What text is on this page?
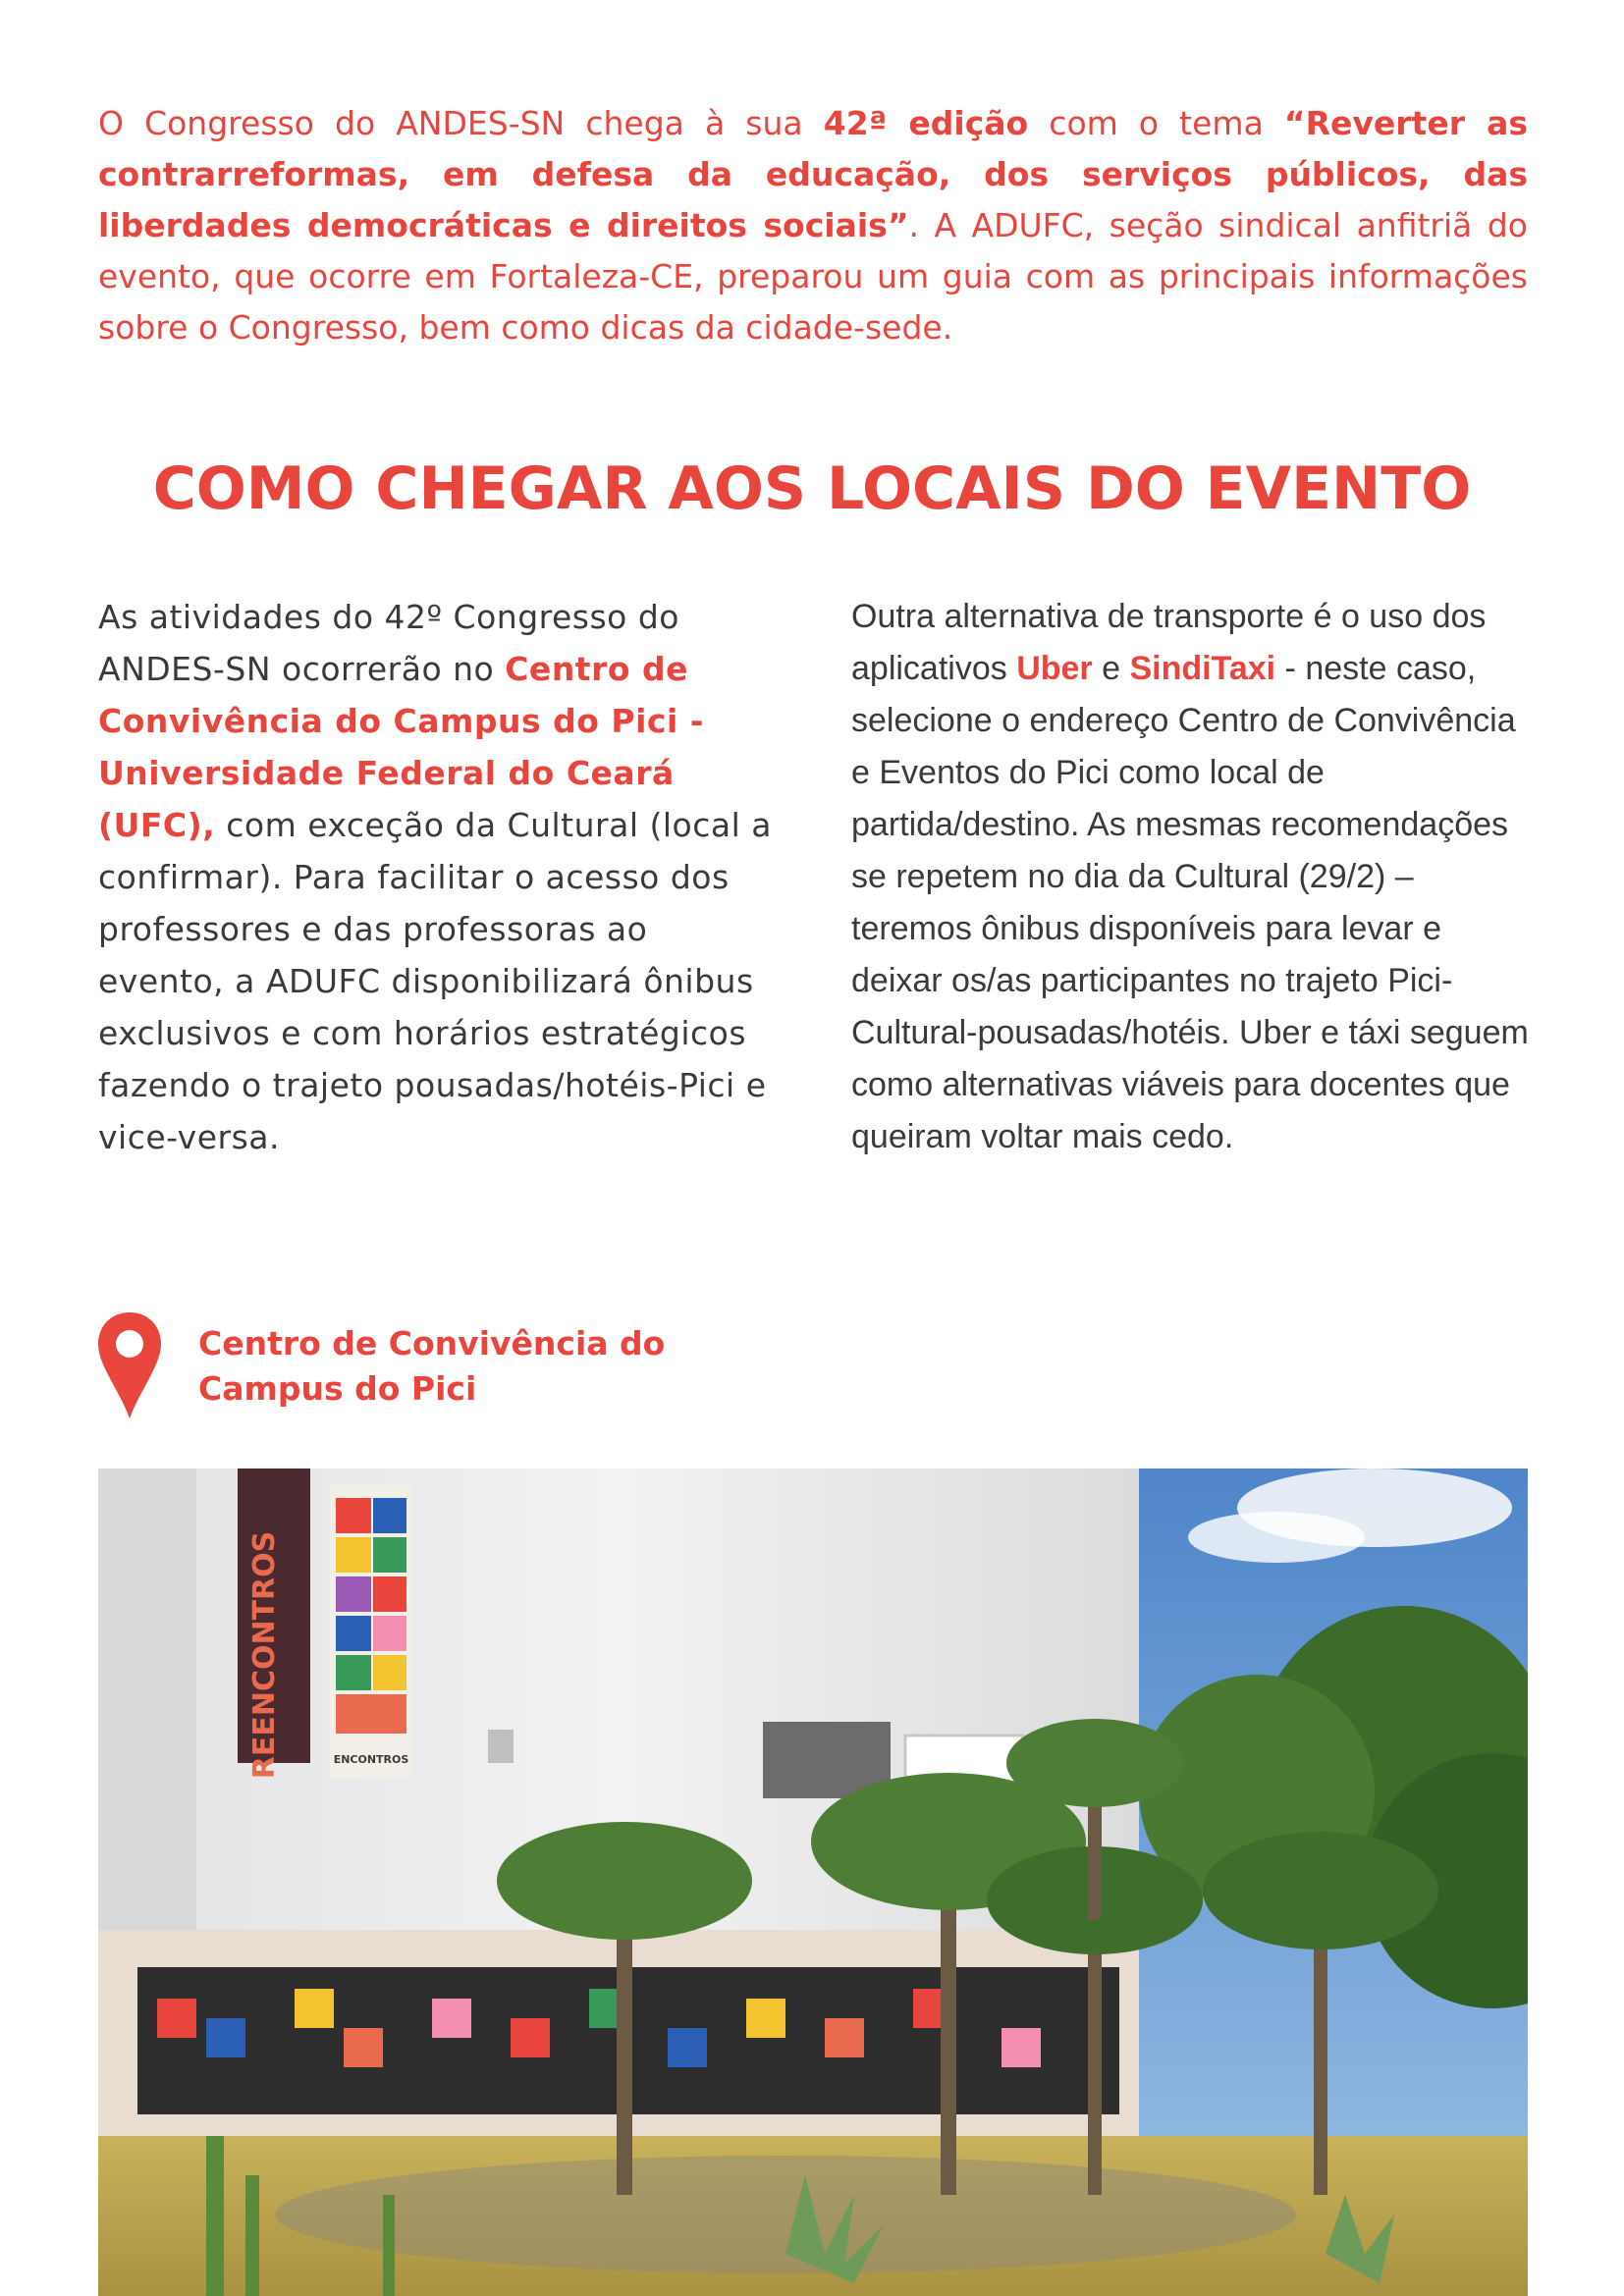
O Congresso do ANDES-SN chega à sua 42ª edição com o tema “Reverter as contrarreformas, em defesa da educação, dos serviços públicos, das liberdades democráticas e direitos sociais”. A ADUFC, seção sindical anfitriã do evento, que ocorre em Fortaleza-CE, preparou um guia com as principais informações sobre o Congresso, bem como dicas da cidade-sede.

COMO CHEGAR AOS LOCAIS DO EVENTO

As atividades do 42º Congresso do ANDES-SN ocorrerão no Centro de Convivência do Campus do Pici - Universidade Federal do Ceará (UFC), com exceção da Cultural (local a confirmar). Para facilitar o acesso dos professores e das professoras ao evento, a ADUFC disponibilizará ônibus exclusivos e com horários estratégicos fazendo o trajeto pousadas/hotéis-Pici e vice-versa.

Outra alternativa de transporte é o uso dos aplicativos Uber e SindiTaxi - neste caso, selecione o endereço Centro de Convivência e Eventos do Pici como local de partida/destino. As mesmas recomendações se repetem no dia da Cultural (29/2) – teremos ônibus disponíveis para levar e deixar os/as participantes no trajeto Pici-Cultural-pousadas/hotéis. Uber e táxi seguem como alternativas viáveis para docentes que queiram voltar mais cedo.

Centro de Convivência do
Campus do Pici

REENCONTROS	ENCONTROS
